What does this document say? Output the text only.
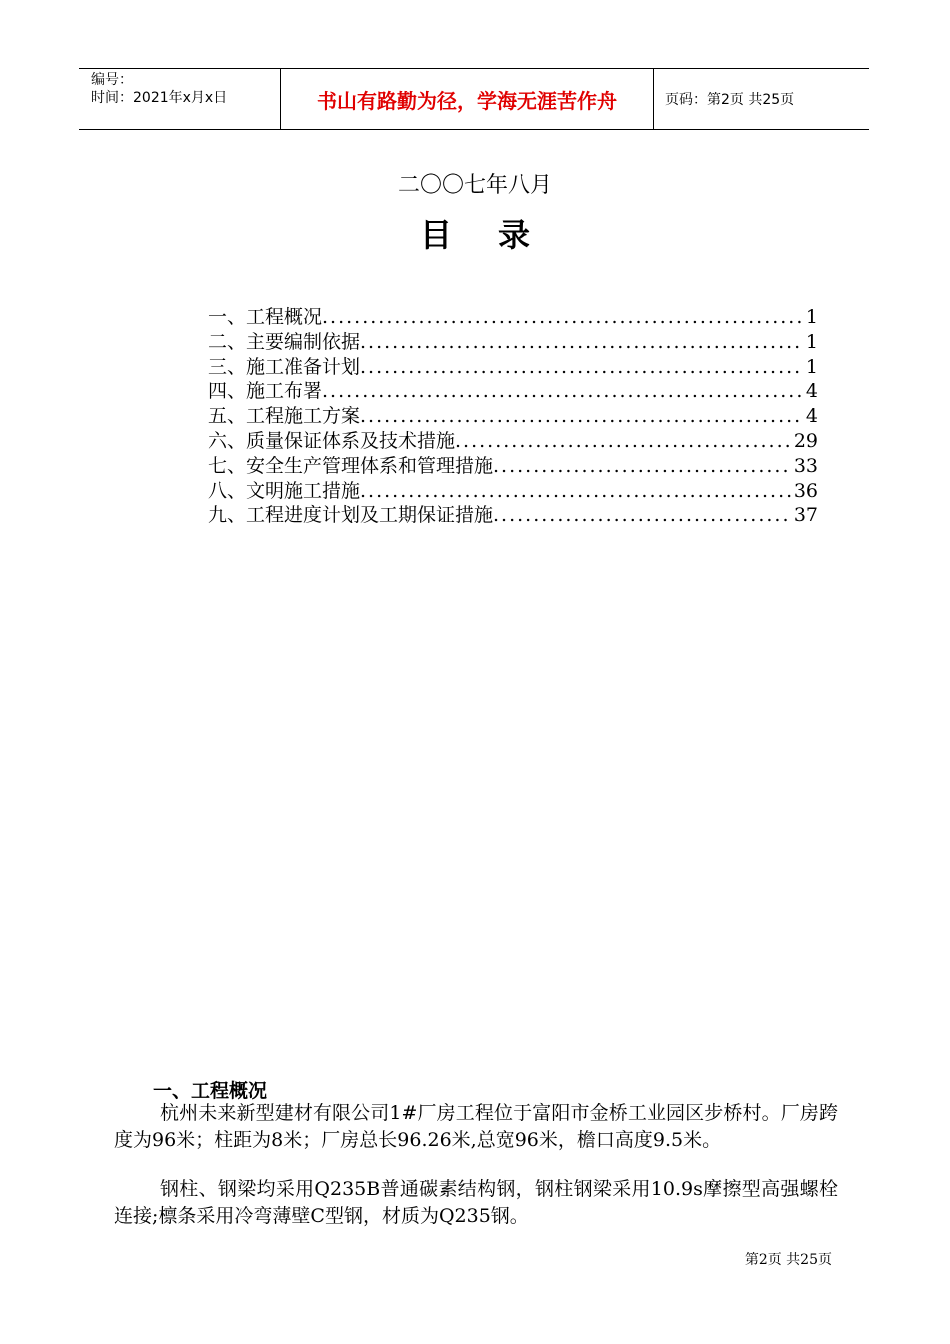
编号：
时间：2021年x月x日	书山有路勤为径，学海无涯苦作舟	页码：第2页 共25页
二〇〇七年八月
目录
一、工程概况 .....	1
二、主要编制依据 .....	1
三、施工准备计划 .....	1
四、施工布署 .....	4
五、工程施工方案 .....	4
六、质量保证体系及技术措施 .....	29
七、安全生产管理体系和管理措施 .....	33
八、文明施工措施 .....	36
九、工程进度计划及工期保证措施 .....	37
一、工程概况
杭州未来新型建材有限公司1#厂房工程位于富阳市金桥工业园区步桥村。厂房跨度为96米；柱距为8米；厂房总长96.26米,总宽96米，檐口高度9.5米。
钢柱、钢梁均采用Q235B普通碳素结构钢，钢柱钢梁采用10.9s摩擦型高强螺栓连接;檩条采用冷弯薄壁C型钢，材质为Q235钢。
第2页 共25页
